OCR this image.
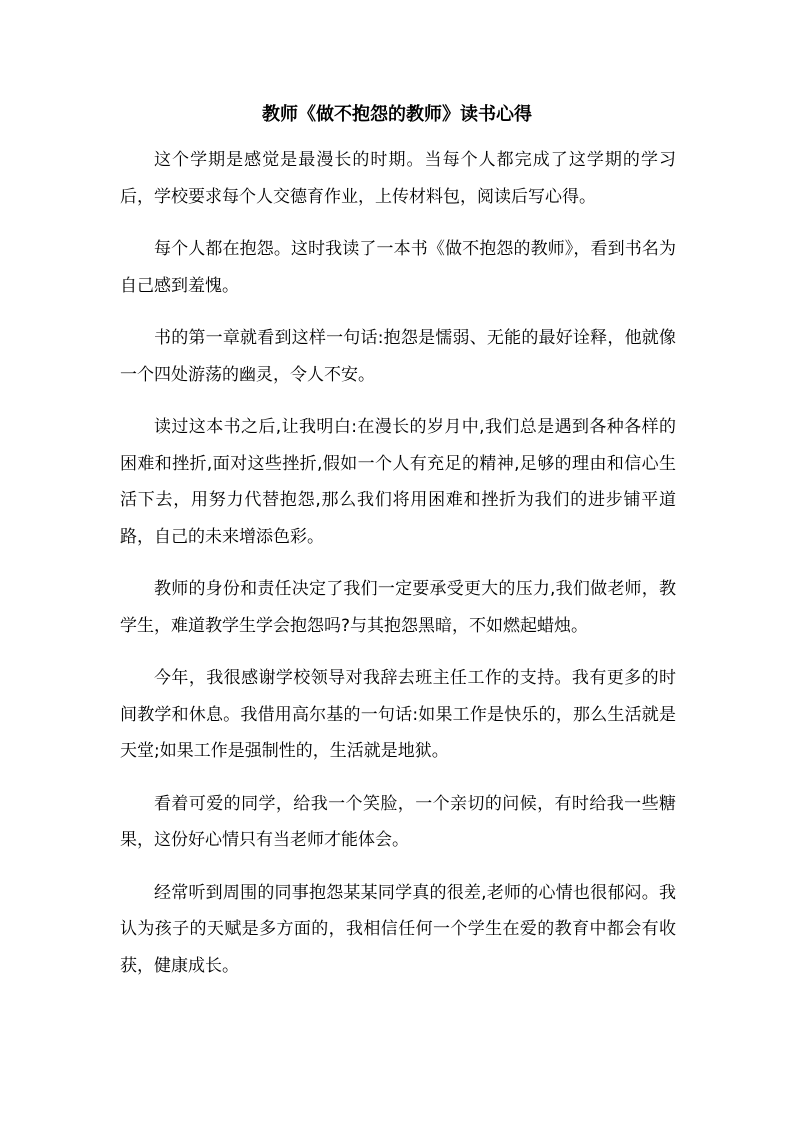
教师《做不抱怨的教师》读书心得

这个学期是感觉是最漫长的时期。当每个人都完成了这学期的学习后，学校要求每个人交德育作业，上传材料包，阅读后写心得。

每个人都在抱怨。这时我读了一本书《做不抱怨的教师》，看到书名为自己感到羞愧。

书的第一章就看到这样一句话:抱怨是懦弱、无能的最好诠释，他就像一个四处游荡的幽灵，令人不安。

读过这本书之后,让我明白:在漫长的岁月中,我们总是遇到各种各样的困难和挫折,面对这些挫折,假如一个人有充足的精神,足够的理由和信心生活下去，用努力代替抱怨,那么我们将用困难和挫折为我们的进步铺平道路，自己的未来增添色彩。

教师的身份和责任决定了我们一定要承受更大的压力,我们做老师，教学生，难道教学生学会抱怨吗?与其抱怨黑暗，不如燃起蜡烛。

今年，我很感谢学校领导对我辞去班主任工作的支持。我有更多的时间教学和休息。我借用高尔基的一句话:如果工作是快乐的，那么生活就是天堂;如果工作是强制性的，生活就是地狱。

看着可爱的同学，给我一个笑脸，一个亲切的问候，有时给我一些糖果，这份好心情只有当老师才能体会。

经常听到周围的同事抱怨某某同学真的很差,老师的心情也很郁闷。我认为孩子的天赋是多方面的，我相信任何一个学生在爱的教育中都会有收获，健康成长。
